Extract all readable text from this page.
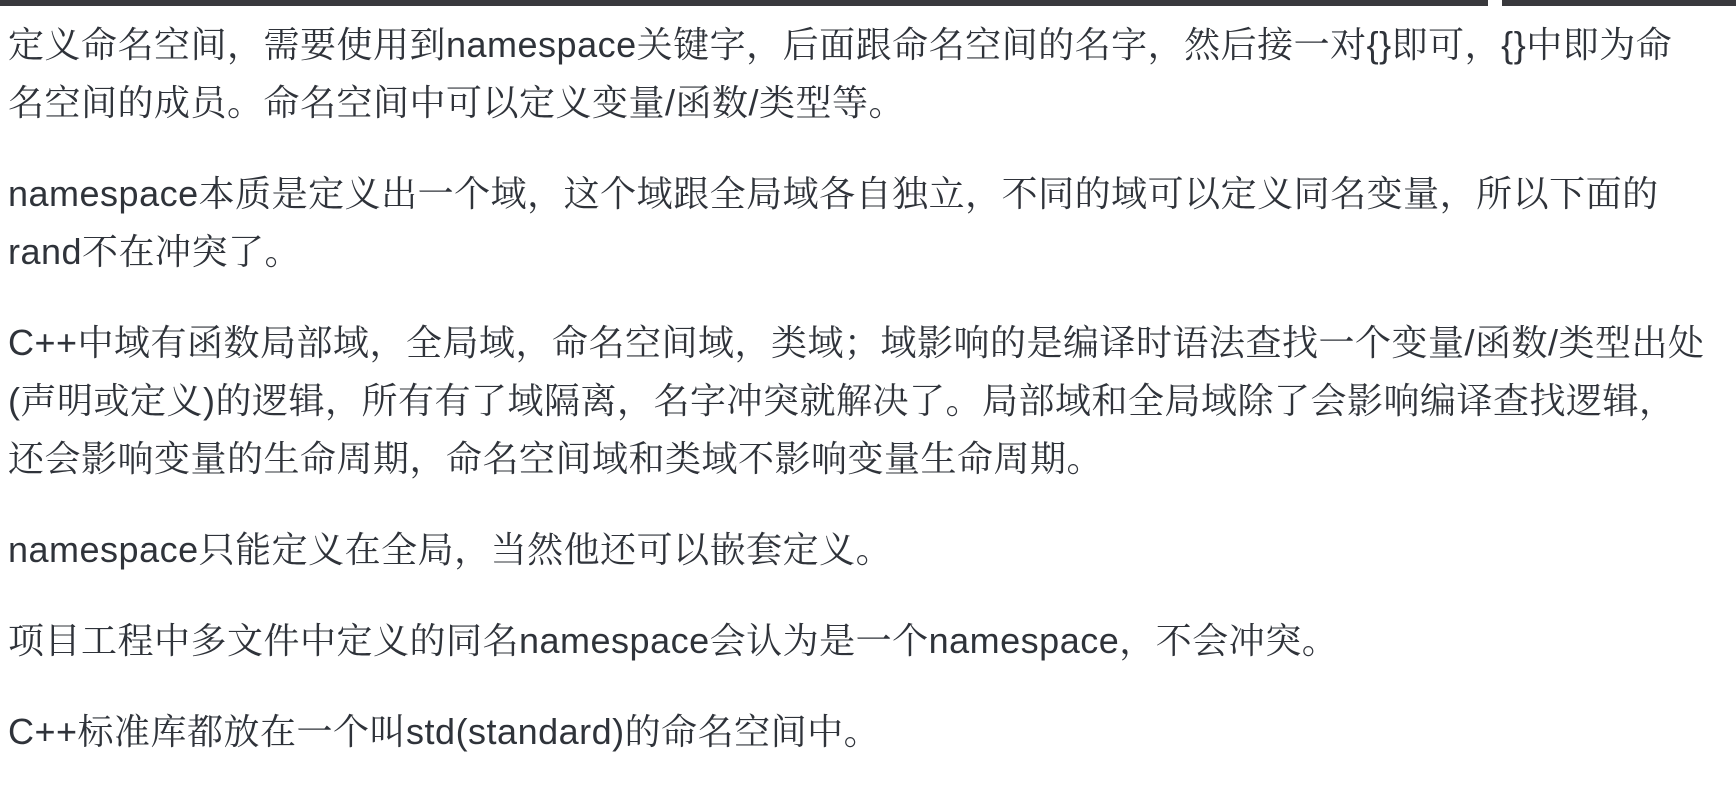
定义命名空间，需要使用到namespace关键字，后面跟命名空间的名字，然后接一对{}即可，{}中即为命名空间的成员。命名空间中可以定义变量/函数/类型等。

namespace本质是定义出一个域，这个域跟全局域各自独立，不同的域可以定义同名变量，所以下面的rand不在冲突了。

C++中域有函数局部域，全局域，命名空间域，类域；域影响的是编译时语法查找一个变量/函数/类型出处(声明或定义)的逻辑，所有有了域隔离，名字冲突就解决了。局部域和全局域除了会影响编译查找逻辑，还会影响变量的生命周期，命名空间域和类域不影响变量生命周期。

namespace只能定义在全局，当然他还可以嵌套定义。

项目工程中多文件中定义的同名namespace会认为是一个namespace，不会冲突。

C++标准库都放在一个叫std(standard)的命名空间中。
